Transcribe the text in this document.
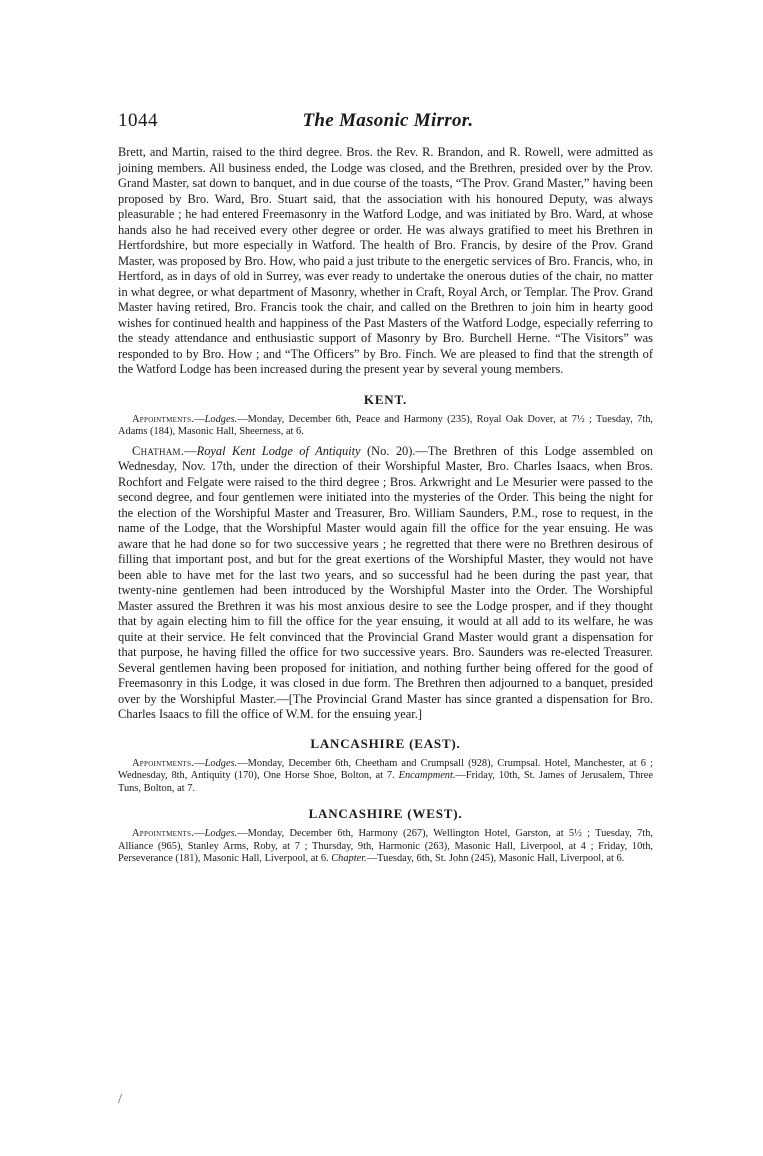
1044	The Masonic Mirror.

Brett, and Martin, raised to the third degree. Bros. the Rev. R. Brandon, and R. Rowell, were admitted as joining members. All business ended, the Lodge was closed, and the Brethren, presided over by the Prov. Grand Master, sat down to banquet, and in due course of the toasts, “The Prov. Grand Master,” having been proposed by Bro. Ward, Bro. Stuart said, that the association with his honoured Deputy, was always pleasurable ; he had entered Freemasonry in the Watford Lodge, and was initiated by Bro. Ward, at whose hands also he had received every other degree or order. He was always gratified to meet his Brethren in Hertfordshire, but more especially in Watford. The health of Bro. Francis, by desire of the Prov. Grand Master, was proposed by Bro. How, who paid a just tribute to the energetic services of Bro. Francis, who, in Hertford, as in days of old in Surrey, was ever ready to undertake the onerous duties of the chair, no matter in what degree, or what department of Masonry, whether in Craft, Royal Arch, or Templar. The Prov. Grand Master having retired, Bro. Francis took the chair, and called on the Brethren to join him in hearty good wishes for continued health and happiness of the Past Masters of the Watford Lodge, especially referring to the steady attendance and enthusiastic support of Masonry by Bro. Burchell Herne. “The Visitors” was responded to by Bro. How ; and “The Officers” by Bro. Finch. We are pleased to find that the strength of the Watford Lodge has been increased during the present year by several young members.

KENT.

Appointments.—Lodges.—Monday, December 6th, Peace and Harmony (235), Royal Oak Dover, at 7½ ; Tuesday, 7th, Adams (184), Masonic Hall, Sheerness, at 6.

Chatham.—Royal Kent Lodge of Antiquity (No. 20).—The Brethren of this Lodge assembled on Wednesday, Nov. 17th, under the direction of their Worshipful Master, Bro. Charles Isaacs, when Bros. Rochfort and Felgate were raised to the third degree ; Bros. Arkwright and Le Mesurier were passed to the second degree, and four gentlemen were initiated into the mysteries of the Order. This being the night for the election of the Worshipful Master and Treasurer, Bro. William Saunders, P.M., rose to request, in the name of the Lodge, that the Worshipful Master would again fill the office for the year ensuing. He was aware that he had done so for two successive years ; he regretted that there were no Brethren desirous of filling that important post, and but for the great exertions of the Worshipful Master, they would not have been able to have met for the last two years, and so successful had he been during the past year, that twenty-nine gentlemen had been introduced by the Worshipful Master into the Order. The Worshipful Master assured the Brethren it was his most anxious desire to see the Lodge prosper, and if they thought that by again electing him to fill the office for the year ensuing, it would at all add to its welfare, he was quite at their service. He felt convinced that the Provincial Grand Master would grant a dispensation for that purpose, he having filled the office for two successive years. Bro. Saunders was re-elected Treasurer. Several gentlemen having been proposed for initiation, and nothing further being offered for the good of Freemasonry in this Lodge, it was closed in due form. The Brethren then adjourned to a banquet, presided over by the Worshipful Master.—[The Provincial Grand Master has since granted a dispensation for Bro. Charles Isaacs to fill the office of W.M. for the ensuing year.]

LANCASHIRE (EAST).

Appointments.—Lodges.—Monday, December 6th, Cheetham and Crumpsall (928), Crumpsal. Hotel, Manchester, at 6 ; Wednesday, 8th, Antiquity (170), One Horse Shoe, Bolton, at 7. Encampment.—Friday, 10th, St. James of Jerusalem, Three Tuns, Bolton, at 7.

LANCASHIRE (WEST).

Appointments.—Lodges.—Monday, December 6th, Harmony (267), Wellington Hotel, Garston, at 5½ ; Tuesday, 7th, Alliance (965), Stanley Arms, Roby, at 7 ; Thursday, 9th, Harmonic (263), Masonic Hall, Liverpool, at 4 ; Friday, 10th, Perseverance (181), Masonic Hall, Liverpool, at 6. Chapter.—Tuesday, 6th, St. John (245), Masonic Hall, Liverpool, at 6.

/
